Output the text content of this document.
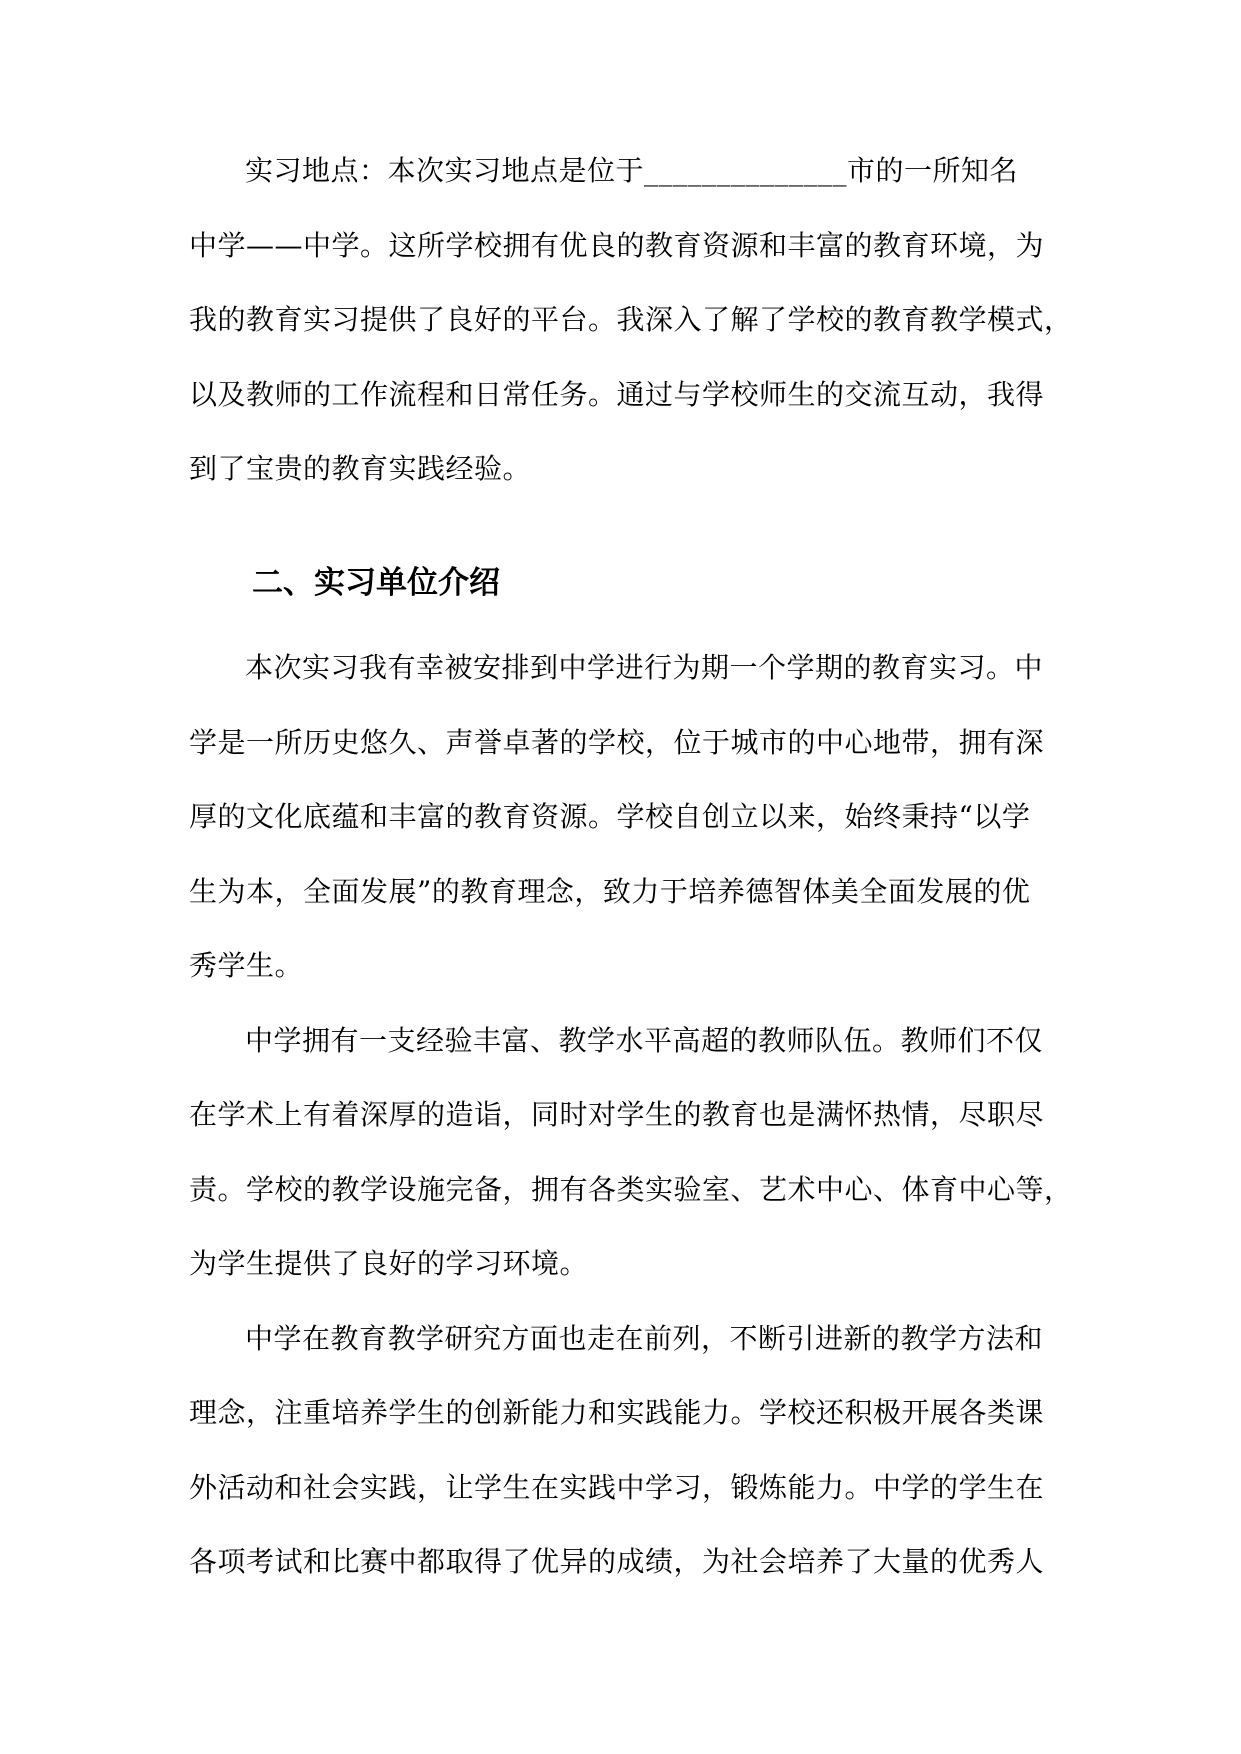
实习地点：本次实习地点是位于______________市的一所知名
中学——中学。这所学校拥有优良的教育资源和丰富的教育环境，为
我的教育实习提供了良好的平台。我深入了解了学校的教育教学模式，
以及教师的工作流程和日常任务。通过与学校师生的交流互动，我得
到了宝贵的教育实践经验。
二、实习单位介绍
本次实习我有幸被安排到中学进行为期一个学期的教育实习。中
学是一所历史悠久、声誉卓著的学校，位于城市的中心地带，拥有深
厚的文化底蕴和丰富的教育资源。学校自创立以来，始终秉持“以学
生为本，全面发展”的教育理念，致力于培养德智体美全面发展的优
秀学生。
中学拥有一支经验丰富、教学水平高超的教师队伍。教师们不仅
在学术上有着深厚的造诣，同时对学生的教育也是满怀热情，尽职尽
责。学校的教学设施完备，拥有各类实验室、艺术中心、体育中心等，
为学生提供了良好的学习环境。
中学在教育教学研究方面也走在前列，不断引进新的教学方法和
理念，注重培养学生的创新能力和实践能力。学校还积极开展各类课
外活动和社会实践，让学生在实践中学习，锻炼能力。中学的学生在
各项考试和比赛中都取得了优异的成绩，为社会培养了大量的优秀人
